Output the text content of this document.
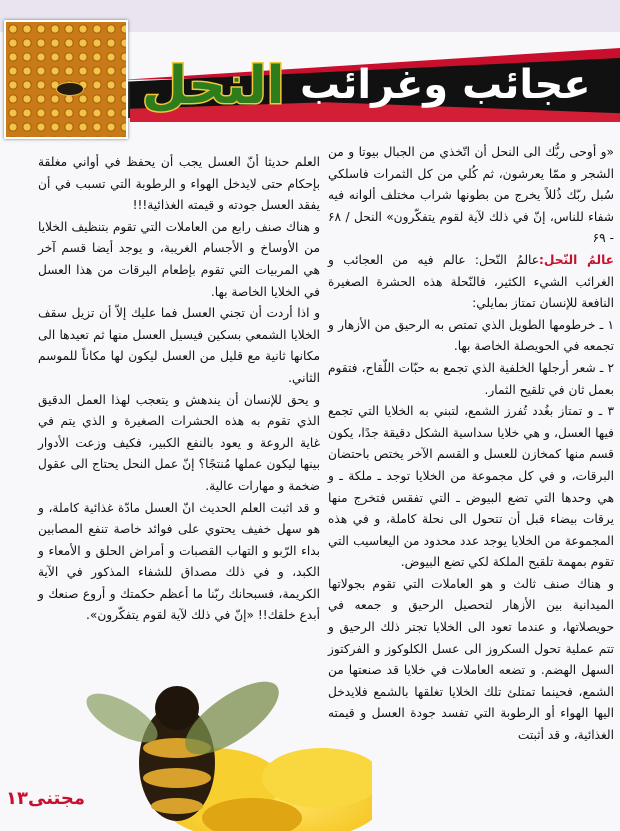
النحل عجائب وغرائب

«و أوحى ربُّك الى النحل أن اتّخذي من الجبال بيوتا و من الشجر و ممّا يعرشون، ثم كُلي من كل الثمرات فاسلكي سُبل ربّك ذُللاً يخرج من بطونها شراب مختلف ألوانه فيه شفاء للناس، إنّ في ذلك لآية لقوم يتفكّرون» النحل / ۶۸ - ۶۹

عالمُ النّحل:عالمُ النّحل: عالم فيه من العجائب و الغرائب الشيء الكثير، فالنّحلة هذه الحشرة الصغيرة النافعة للإنسان تمتاز بمايلي:

۱ ـ خرطومها الطويل الذي تمتص به الرحيق من الأزهار و تجمعه في الحويصلة الخاصة بها.

۲ ـ شعر أرجلها الخلفية الذي تجمع به حبّات اللّقاح، فتقوم بعمل ثان في تلقيح الثمار.

۳ ـ و تمتاز بغُدد تُفرز الشمع، لتبني به الخلايا التي تجمع فيها العسل، و هي خلايا سداسية الشكل دقيقة جدًا، يكون قسم منها كمخازن للعسل و القسم الآخر يختص باحتضان البرقات، و في كل مجموعة من الخلايا توجد ـ ملكة ـ و هي وحدها التي تضع البيوض ـ التي تفقس فتخرج منها يرقات بيضاء قبل أن تتحول الى نحلة كاملة، و في هذه المجموعة من الخلايا يوجد عدد محدود من اليعاسيب التي تقوم بمهمة تلقيح الملكة لكي تضع البيوض.

و هناك صنف ثالث و هو العاملات التي تقوم بجولاتها الميدانية بين الأزهار لتحصيل الرحيق و جمعه في حويصلاتها، و عندما تعود الى الخلايا تجتر ذلك الرحيق و تتم عملية تحول السكروز الى عسل الكلوكوز و الفركتوز السهل الهضم. و تضعه العاملات في خلايا قد صنعتها من الشمع، فحينما تمتلئ تلك الخلايا تغلقها بالشمع فلايدخل اليها الهواء أو الرطوبة التي تفسد جودة العسل و قيمته الغذائية، و قد أثبتت

العلم حديثا أنّ العسل يجب أن يحفظ في أواني مغلقة بإحكام حتى لايدخل الهواء و الرطوبة التي تسبب في أن يفقد العسل جودته و قيمته الغذائية!!!

و هناك صنف رابع من العاملات التي تقوم بتنظيف الخلايا من الأوساخ و الأجسام الغريبة، و يوجد أيضا قسم آخر هي المربيات التي تقوم بإطعام اليرقات من هذا العسل في الخلايا الخاصة بها.

و اذا أردت أن تجني العسل فما عليك إلاّ أن تزيل سقف الخلايا الشمعي بسكين فيسيل العسل منها ثم تعيدها الى مكانها ثانية مع قليل من العسل ليكون لها مكاناً للموسم الثاني.

و يحق للإنسان أن يندهش و يتعجب لهذا العمل الدقيق الذي تقوم به هذه الحشرات الصغيرة و الذي يتم في غاية الروعة و يعود بالنفع الكبير، فكيف وزعت الأدوار بينها ليكون عملها مُنتجًا؟ إنّ عمل النحل يحتاج الى عقول ضخمة و مهارات عالية.

و قد اثبت العلم الحديث انّ العسل مادّة غذائية كاملة، و هو سهل خفيف يحتوي على فوائد خاصة تنفع المصابين بداء الرّبو و التهاب القصبات و أمراض الحلق و الأمعاء و الكبد، و في ذلك مصداق للشفاء المذكور في الآية الكريمة، فسبحانك ربّنا ما أعظم حكمتك و أروع صنعك و أبدع خلقك!! «إنّ في ذلك لآية لقوم يتفكّرون».

مجتنی۱۳
